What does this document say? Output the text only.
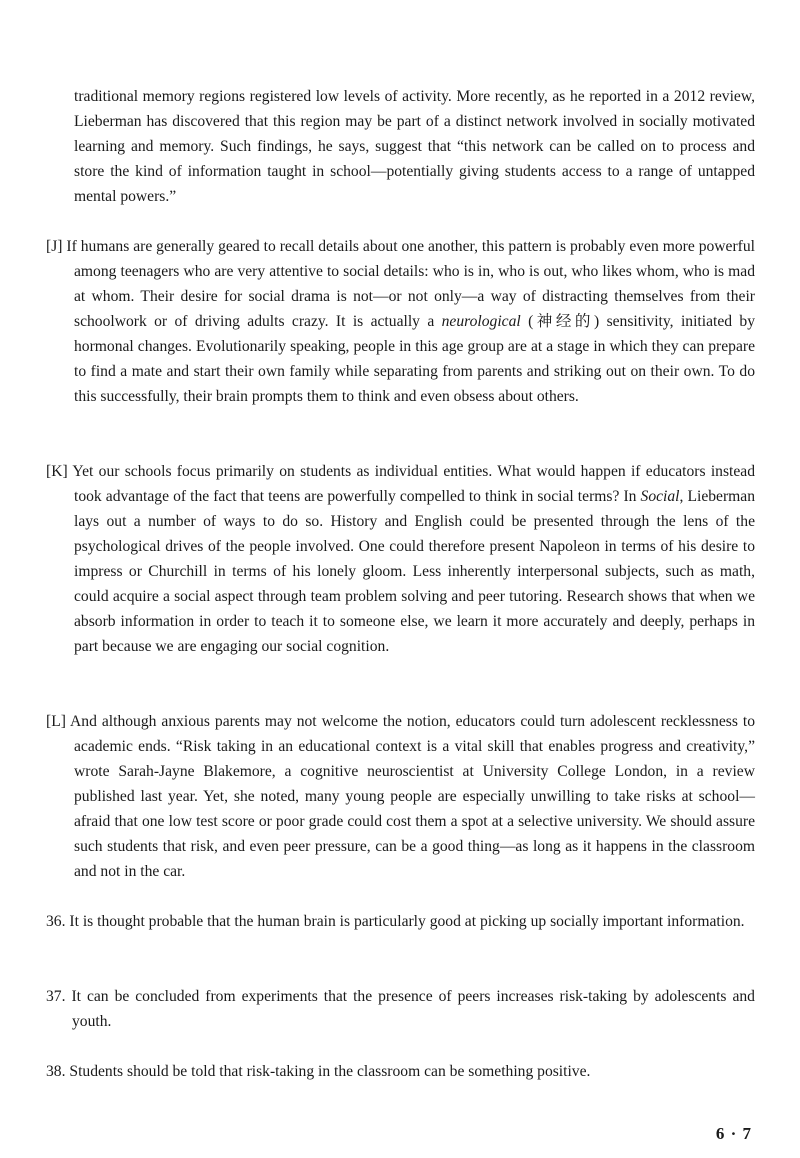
traditional memory regions registered low levels of activity. More recently, as he reported in a 2012 review, Lieberman has discovered that this region may be part of a distinct network involved in socially motivated learning and memory. Such findings, he says, suggest that “this network can be called on to process and store the kind of information taught in school—potentially giving students access to a range of untapped mental powers.”

[J] If humans are generally geared to recall details about one another, this pattern is probably even more powerful among teenagers who are very attentive to social details: who is in, who is out, who likes whom, who is mad at whom. Their desire for social drama is not—or not only—a way of distracting themselves from their schoolwork or of driving adults crazy. It is actually a neurological (神经的) sensitivity, initiated by hormonal changes. Evolutionarily speaking, people in this age group are at a stage in which they can prepare to find a mate and start their own family while separating from parents and striking out on their own. To do this successfully, their brain prompts them to think and even obsess about others.

[K] Yet our schools focus primarily on students as individual entities. What would happen if educators instead took advantage of the fact that teens are powerfully compelled to think in social terms? In Social, Lieberman lays out a number of ways to do so. History and English could be presented through the lens of the psychological drives of the people involved. One could therefore present Napoleon in terms of his desire to impress or Churchill in terms of his lonely gloom. Less inherently interpersonal subjects, such as math, could acquire a social aspect through team problem solving and peer tutoring. Research shows that when we absorb information in order to teach it to someone else, we learn it more accurately and deeply, perhaps in part because we are engaging our social cognition.

[L] And although anxious parents may not welcome the notion, educators could turn adolescent recklessness to academic ends. “Risk taking in an educational context is a vital skill that enables progress and creativity,” wrote Sarah-Jayne Blakemore, a cognitive neuroscientist at University College London, in a review published last year. Yet, she noted, many young people are especially unwilling to take risks at school—afraid that one low test score or poor grade could cost them a spot at a selective university. We should assure such students that risk, and even peer pressure, can be a good thing—as long as it happens in the classroom and not in the car.

36. It is thought probable that the human brain is particularly good at picking up socially important information.

37. It can be concluded from experiments that the presence of peers increases risk-taking by adolescents and youth.

38. Students should be told that risk-taking in the classroom can be something positive.

6 · 7
